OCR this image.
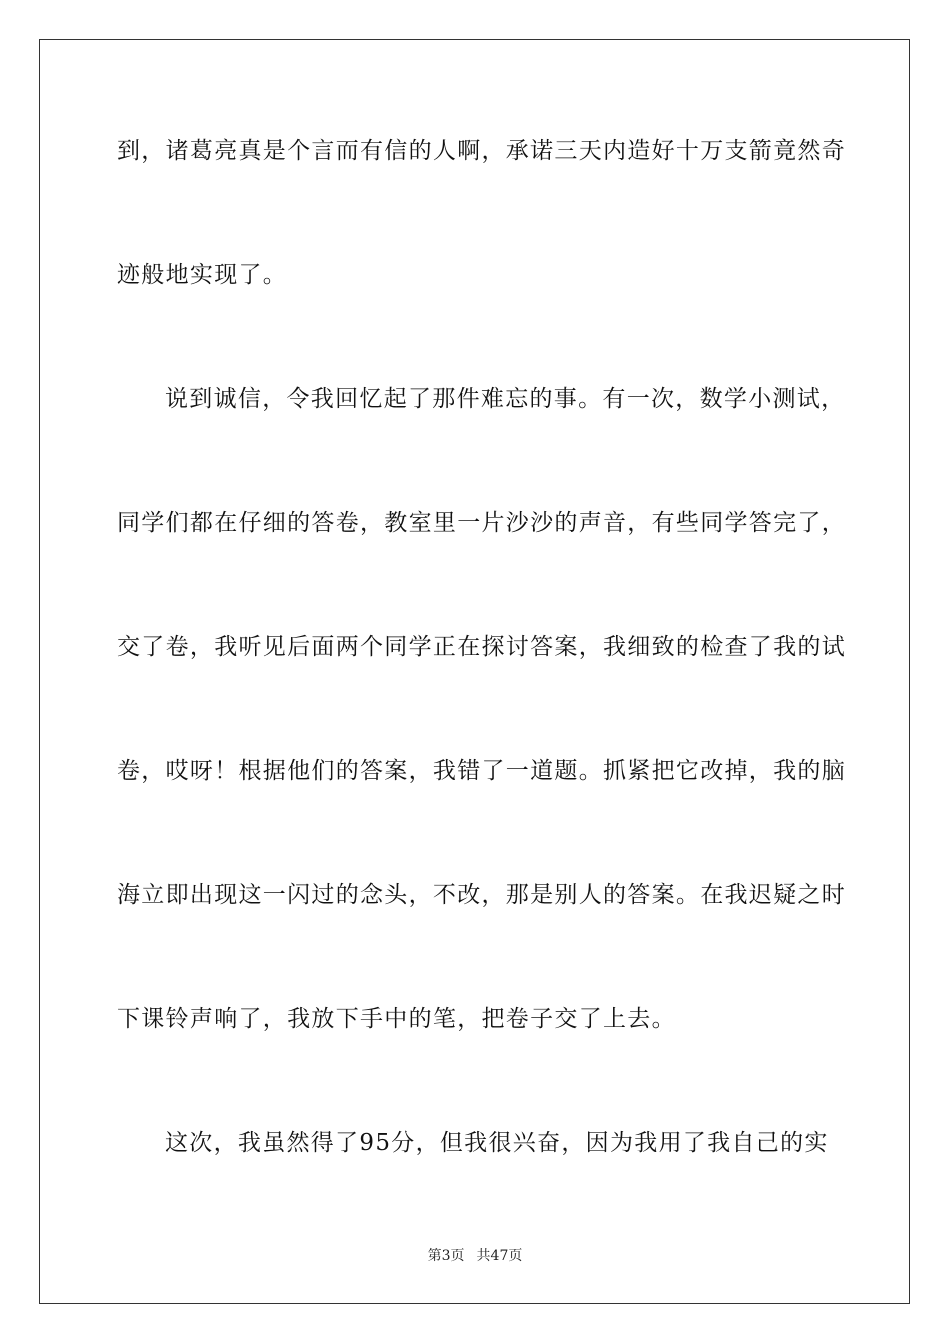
到，诸葛亮真是个言而有信的人啊，承诺三天内造好十万支箭竟然奇
迹般地实现了。
说到诚信，令我回忆起了那件难忘的事。有一次，数学小测试，
同学们都在仔细的答卷，教室里一片沙沙的声音，有些同学答完了，
交了卷，我听见后面两个同学正在探讨答案，我细致的检查了我的试
卷，哎呀！根据他们的答案，我错了一道题。抓紧把它改掉，我的脑
海立即出现这一闪过的念头，不改，那是别人的答案。在我迟疑之时
下课铃声响了，我放下手中的笔，把卷子交了上去。
这次，我虽然得了95分，但我很兴奋，因为我用了我自己的实
第3页 共47页
